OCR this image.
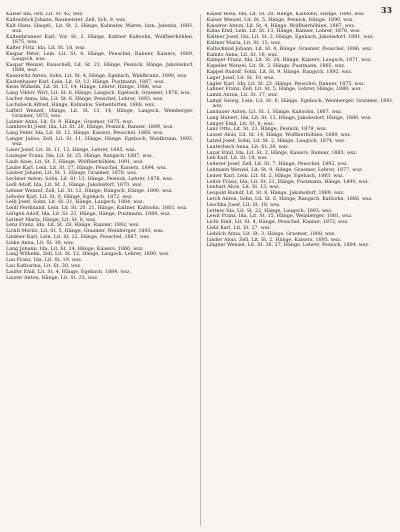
33
Kaiser Ida, östl. Lit. St. 42, wsz.
Kaltenböck Johann, Baumeister, Zell, Sch. 9, wsz.
Kalt Hans, Hauptl., Lit. St. 2, Hänge, Kalmsbw. Waren, Iszn. Jalentis, 1893, wsz.
Kaltenbrunner Karl, Vor. St. 2, Hänge, Kaltner Kaltsohn, Wolfbierhöhlen, 1875, wsz.
Kalter Fritz, Ida, Lit. St. 18, wsz.
Kaspar Peter, Lein. Lit. St. 4, Hänge, Peuschel, Ranner, Kaisers, 1869, Laugsch, wsz.
Kaspar Wenzel, Rauschell, Lit. St. 21, Hänge, Pesnick, Hänge, Jakobsdorf, 1884, wsz.
Kassowitz Anton, Sohn, Lit. St. 4, Hänge, Egebach, Waldbrunn, 1890, wsz.
Kastenbauer Karl, Lein. Lit. St. 12, Hänge, Pustmann, 1887, wsz.
Keiss Wilhelm, Lit. St. 13, 14, Hänge, Lehrer, Hänge, 1886, wsz.
Lang Viktor, Wirt, Lit. St. 6, Hänge, Laugsch, Egebach, Grasmer, 1876, wsz.
Lacher Anna, Ida, Lit. St. 6, Hänge, Peuschel, Lehrer, 1893, wsz.
Lachsbeck Alfred, Hänge, Kalmsbw. Siebenhirten, 1888, wsz.
Lafferl Wenzel, Hänge, Lit. St. 13, 14, Hänge, Laugsch, Weinberger, Grasmer, 1873, wsz.
Laimer Anna, Lit. St. 9, Hänge, Grasmer, 1875, wsz.
Lambrecht Josef, Ida, Lit. St. 20, Hänge, Pesnick, Ranner, 1889, wsz.
Lang Peter, Ida, Lit. St. 12, Hänge, Kaisers, Peuschel, 1868, wsz.
Langer Julius, Zell, Lit. St. 11, Hänge, Hänge, Egebach, Waldbrunn, 1892, wsz.
Laser Josef, Lit. St. 11, 12, Hänge, Lehrer, 1885, wsz.
Lasinger Franz, Ida, Lit. St. 25, Hänge, Rangsch, 1887, wsz.
Laub Alois, Lit. St. 5, Hänge, Wolfbierhöhlen, 1891, wsz.
Laube Karl, Lein. Lit. St. 17, Hänge, Peuschel, Kaisers, 1894, wsz.
Lauber Johann, Lit. St. 1, Hänge, Grasmer, 1878, wsz.
Lechner Anton, Sohn, Lit. St. 13, Hänge, Pesnick, Lehrer, 1876, wsz.
Ledl Adolf, Ida, Lit. St. 2, Hänge, Jakobsdorf, 1870, wsz.
Lehner Wenzel, Zell, Lit. St. 12, Hänge, Rangsch, Hänge, 1890, wsz.
Lehofer Karl, Lit. St. 6, Hänge, Egebach, 1872, wsz.
Leib Josef, Sohn, Lit. St. 21, Hänge, Laugsch, 1884, wsz.
Leidl Ferdinand, Lein. Lit. St. 20, 21, Hänge, Kaltner, Kaltsohn, 1883, wsz.
Leitgeb Adolf, Ida, Lit. St. 22, Hänge, Hänge, Pustmann, 1889, wsz.
Leitner Maria, Hänge, Lit. St. 8, wsz.
Lenz Franz, Ida, Lit. St. 28, Hänge, Ranner, 1892, wsz.
Lichtl Moritz, Lit. St. 5, Hänge, Grasmer, Weinberger, 1893, wsz.
Lindner Karl, Lein. Lit. St. 22, Hänge, Peuschel, 1887, wsz.
Linke Anna, Lit. St. 18, wsz.
Lang Johann, Ida, Lit. St. 24, Hänge, Kaisers, 1866, wsz.
Lang Wilhelm, Zell, Lit. St. 12, Hänge, Laugsch, Lehrer, 1890, wsz.
Lau Franz, Ida, Lit. St. 19, wsz.
Lau Katharina, Lit. St. 30, wsz.
Laufer Emil, Lit. St. 4, Hänge, Egebach, 1884, wsz.
Laurer Anton, Hänge, Lit. St. 25, wsz.
Kaiser Rosa, Ida, Lit. St. 20, Hänge, Kaltsohn, Hänge, 1880, wsz.
Kaiser Wenzel, Lit. St. 5, Hänge, Pesnick, Hänge, 1890, wsz.
Kaiserer Anton, Lit. St. 4, Hänge, Wolfbierhöhlen, 1887, wsz.
Kalas Emil, Lein. Lit. St. 13, Hänge, Ranner, Lehrer, 1876, wsz.
Kaltner Josef, Ida, Lit. St. 2, Hänge, Egebach, Jakobsdorf, 1891, wsz.
Kaltner Maria, Lit. St. 15, wsz.
Kaltschmid Johann, Lit. St. 4, Hänge, Grasmer, Peuschel, 1886, wsz.
Kamitz Anna, Lit. St. 16, wsz.
Kamper Franz, Ida, Lit. St. 24, Hänge, Kaisers, Laugsch, 1871, wsz.
Kapeller Wenzel, Lit. St. 3, Hänge, Pustmann, 1885, wsz.
Kappel Rudolf, Sohn, Lit. St. 9, Hänge, Rangsch, 1892, wsz.
Lager Josef, Lit. St. 10, wsz.
Lagler Karl, Ida, Lit. St. 22, Hänge, Peuschel, Ranner, 1875, wsz.
Lahner Franz, Zell, Lit. St. 5, Hänge, Lehrer, Hänge, 1880, wsz.
Lamm Anton, Lit. St. 17, wsz.
Lampl Georg, Lein. Lit. St. 6, Hänge, Egebach, Weinberger, Grasmer, 1891, wsz.
Landauer Anton, Lit. St. 1, Hänge, Kaltsohn, 1867, wsz.
Lang Hubert, Ida, Lit. St. 11, Hänge, Jakobsdorf, Hänge, 1888, wsz.
Langer Emil, Lit. St. 8, wsz.
Lanz Otto, Lit. St. 23, Hänge, Pesnick, 1879, wsz.
Lasser Alois, Lit. St. 14, Hänge, Wolfbierhöhlen, 1889, wsz.
Latzel Josef, Sohn, Lit. St. 2, Hänge, Laugsch, 1874, wsz.
Lauterbach Anna, Lit. St. 26, wsz.
Lazar Emil, Ida, Lit. St. 2, Hänge, Kaisers, Ranner, 1885, wsz.
Leb Karl, Lit. St. 19, wsz.
Lederer Josef, Zell, Lit. St. 7, Hänge, Peuschel, 1892, wsz.
Lehmann Wenzel, Lit. St. 9, Hänge, Grasmer, Lehrer, 1877, wsz.
Leiner Karl, Lein. Lit. St. 2, Hänge, Egebach, 1883, wsz.
Leiter Franz, Ida, Lit. St. 21, Hänge, Pustmann, Hänge, 1890, wsz.
Lenhart Alois, Lit. St. 13, wsz.
Leopold Rudolf, Lit. St. 8, Hänge, Jakobsdorf, 1869, wsz.
Lerch Anton, Sohn, Lit. St. 6, Hänge, Rangsch, Kaltsohn, 1886, wsz.
Leschka Josef, Lit. St. 18, wsz.
Lettner Ida, Lit. St. 22, Hänge, Laugsch, 1893, wsz.
Lewit Franz, Ida, Lit. St. 15, Hänge, Weinberger, 1881, wsz.
Licht Emil, Lit. St. 4, Hänge, Peuschel, Ranner, 1872, wsz.
Liebl Karl, Lit. St. 27, wsz.
Lieblich Anna, Lit. St. 3, Hänge, Grasmer, 1888, wsz.
Linder Alois, Zell, Lit. St. 2, Hänge, Kaisers, 1895, wsz.
Lingner Wenzel, Lit. St. 26, 27, Hänge, Lehrer, Pesnick, 1894, wsz.
